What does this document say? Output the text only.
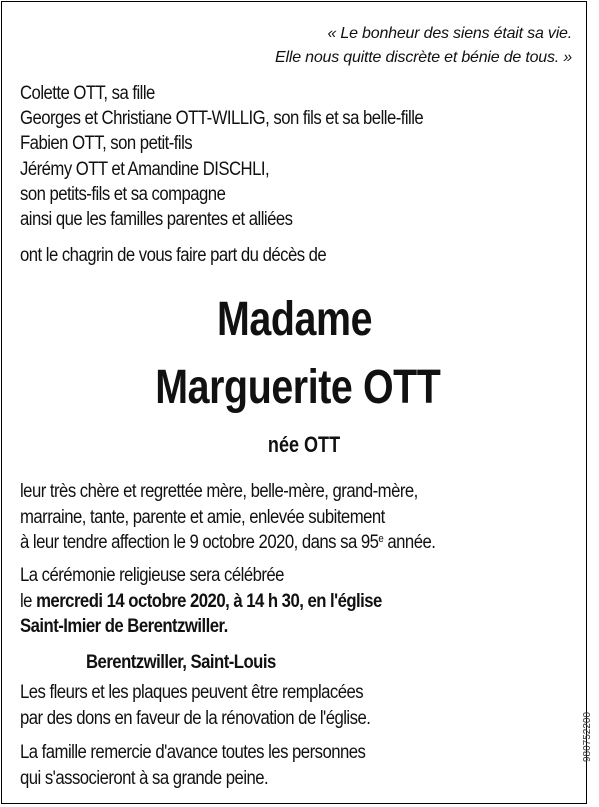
« Le bonheur des siens était sa vie.
Elle nous quitte discrète et bénie de tous. »
Colette OTT, sa fille
Georges et Christiane OTT-WILLIG, son fils et sa belle-fille
Fabien OTT, son petit-fils
Jérémy OTT et Amandine DISCHLI,
son petits-fils et sa compagne
ainsi que les familles parentes et alliées
ont le chagrin de vous faire part du décès de
Madame
Marguerite OTT
née OTT
leur très chère et regrettée mère, belle-mère, grand-mère,
marraine, tante, parente et amie, enlevée subitement
à leur tendre affection le 9 octobre 2020, dans sa 95e année.
La cérémonie religieuse sera célébrée
le mercredi 14 octobre 2020, à 14 h 30, en l'église
Saint-Imier de Berentzwiller.
Berentzwiller, Saint-Louis
Les fleurs et les plaques peuvent être remplacées
par des dons en faveur de la rénovation de l'église.
La famille remercie d'avance toutes les personnes
qui s'associeront à sa grande peine.
980752200
